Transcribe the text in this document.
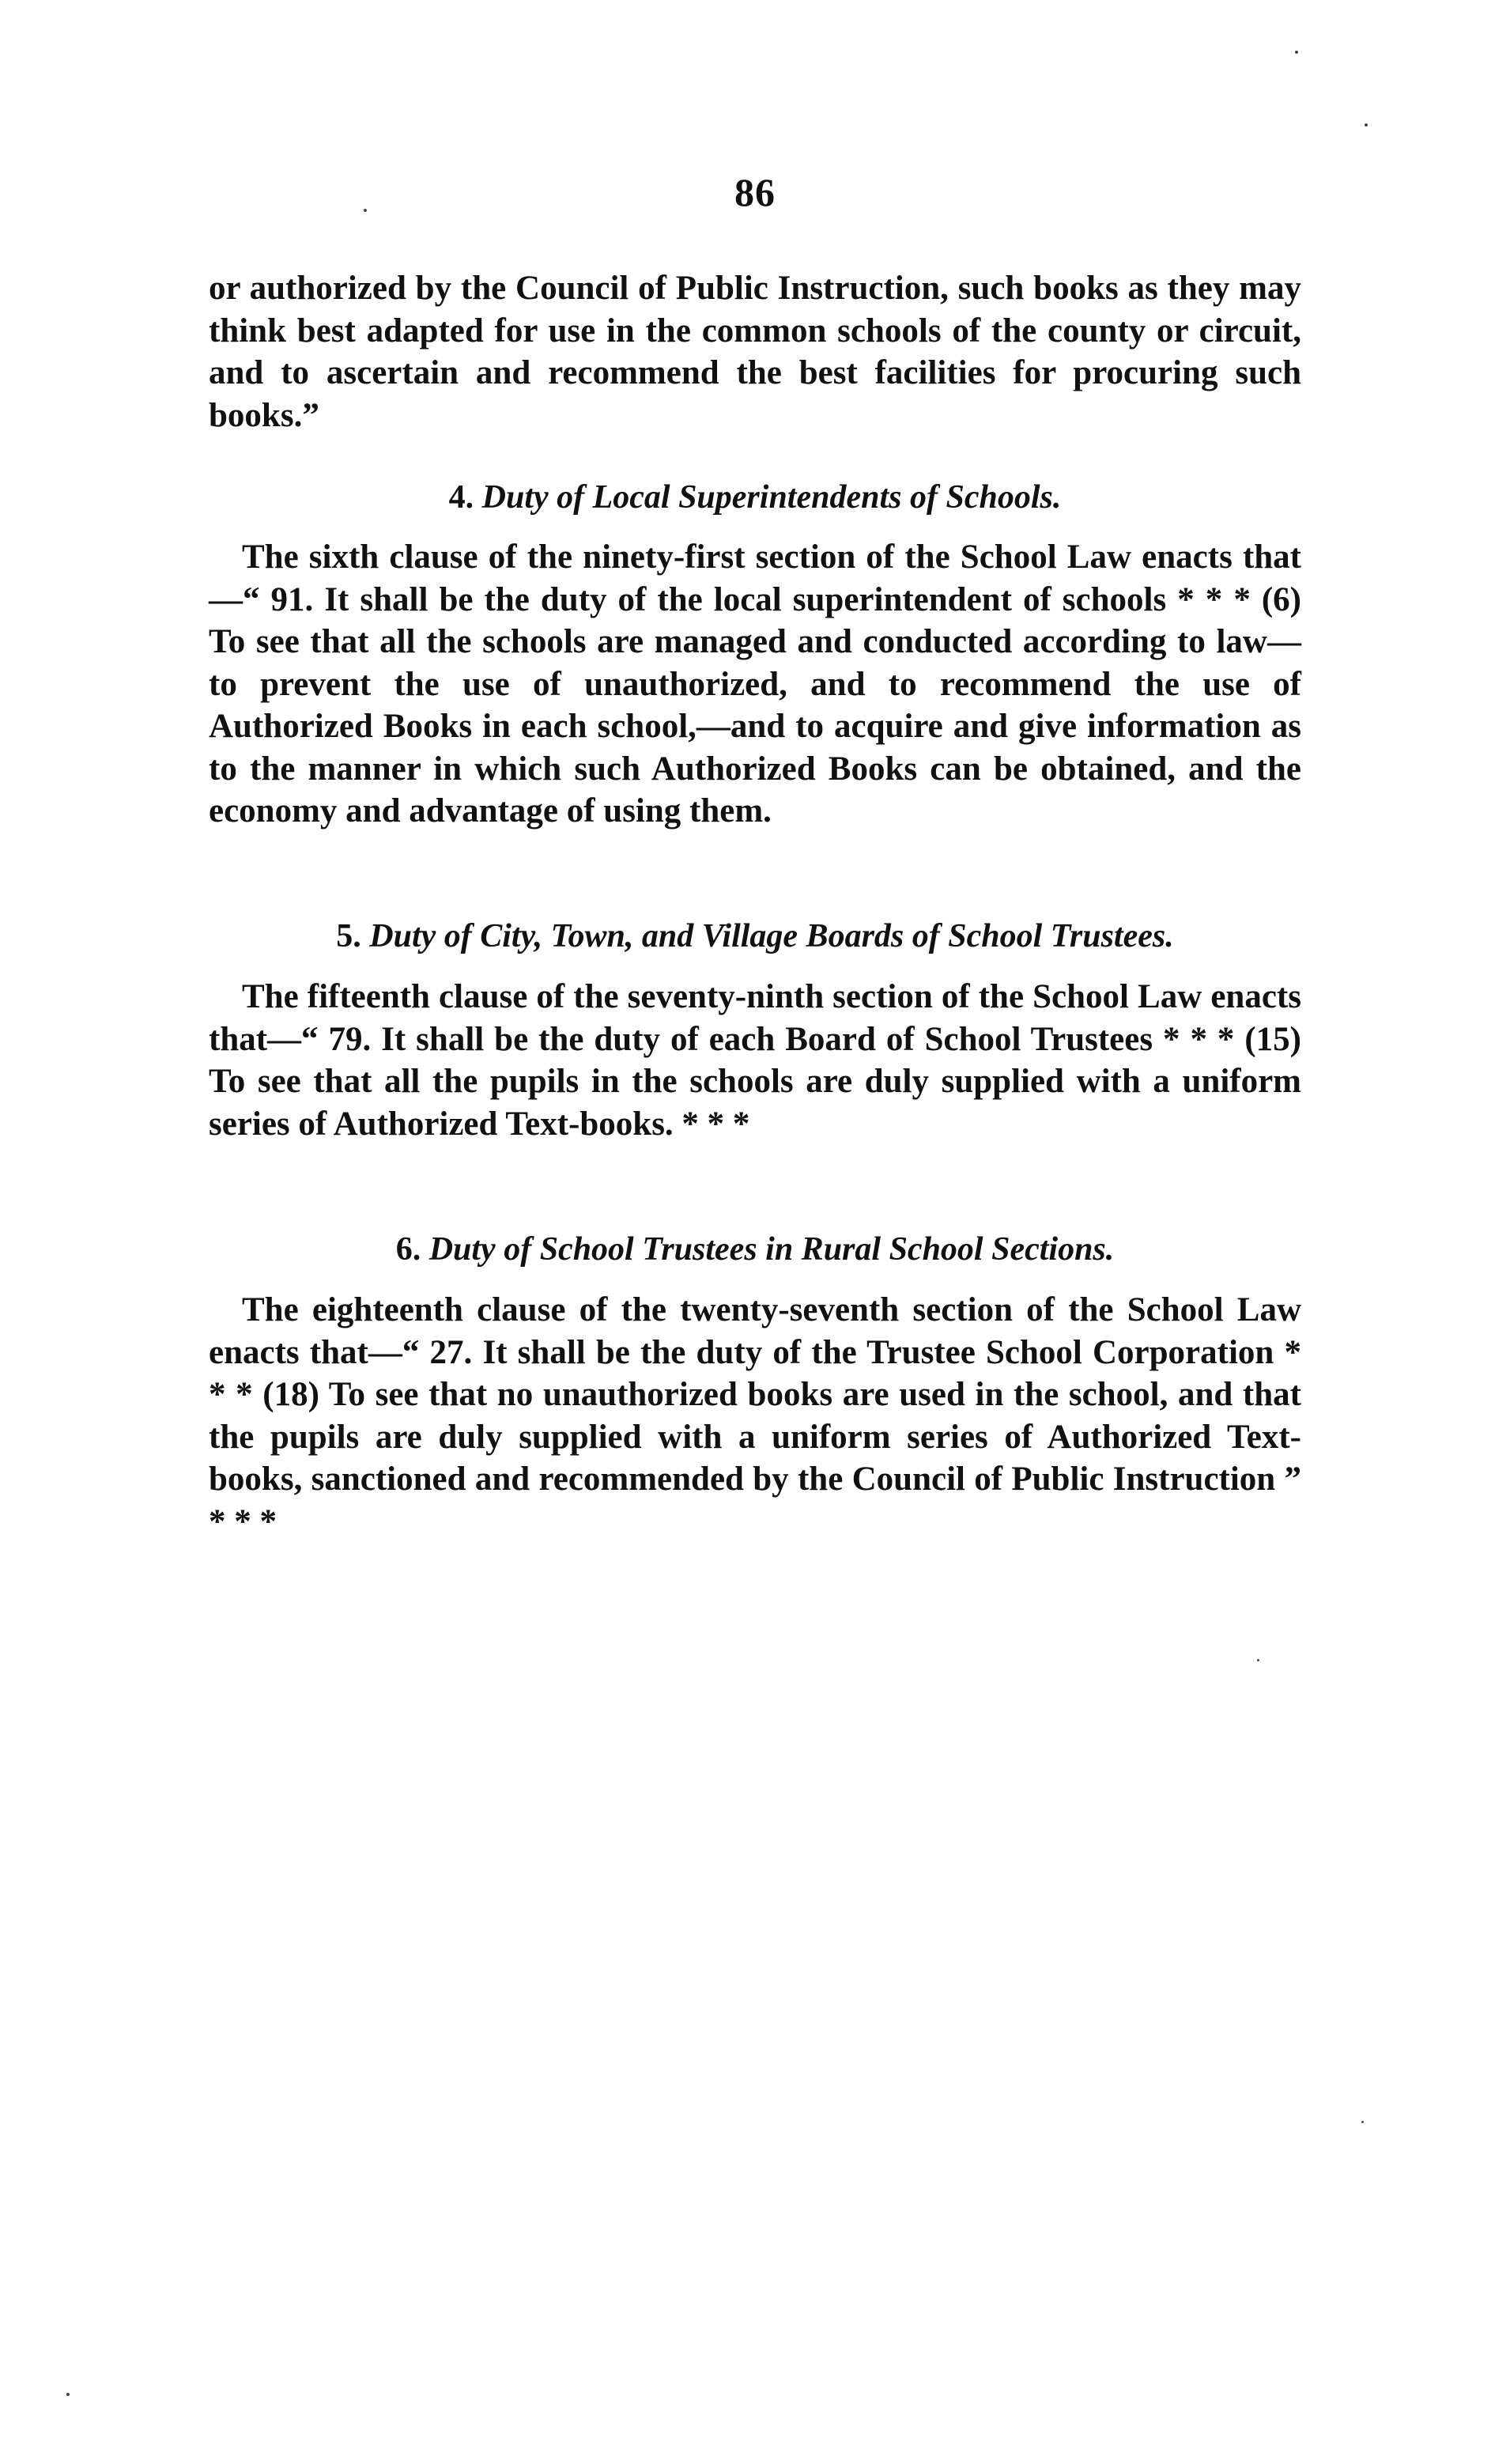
86

or authorized by the Council of Public Instruction, such books as they may think best adapted for use in the common schools of the county or circuit, and to ascertain and recommend the best facilities for procuring such books.”

4. Duty of Local Superintendents of Schools.

The sixth clause of the ninety-first section of the School Law enacts that—“ 91. It shall be the duty of the local superintendent of schools * * * (6) To see that all the schools are managed and conducted according to law—to prevent the use of unauthorized, and to recommend the use of Authorized Books in each school,—and to acquire and give information as to the manner in which such Authorized Books can be obtained, and the economy and advantage of using them.

5. Duty of City, Town, and Village Boards of School Trustees.

The fifteenth clause of the seventy-ninth section of the School Law enacts that—“ 79. It shall be the duty of each Board of School Trustees * * * (15) To see that all the pupils in the schools are duly supplied with a uniform series of Authorized Text-books. * * *

6. Duty of School Trustees in Rural School Sections.

The eighteenth clause of the twenty-seventh section of the School Law enacts that—“ 27. It shall be the duty of the Trustee School Corporation * * * (18) To see that no unauthorized books are used in the school, and that the pupils are duly supplied with a uniform series of Authorized Text-books, sanctioned and recommended by the Council of Public Instruction ” * * *
